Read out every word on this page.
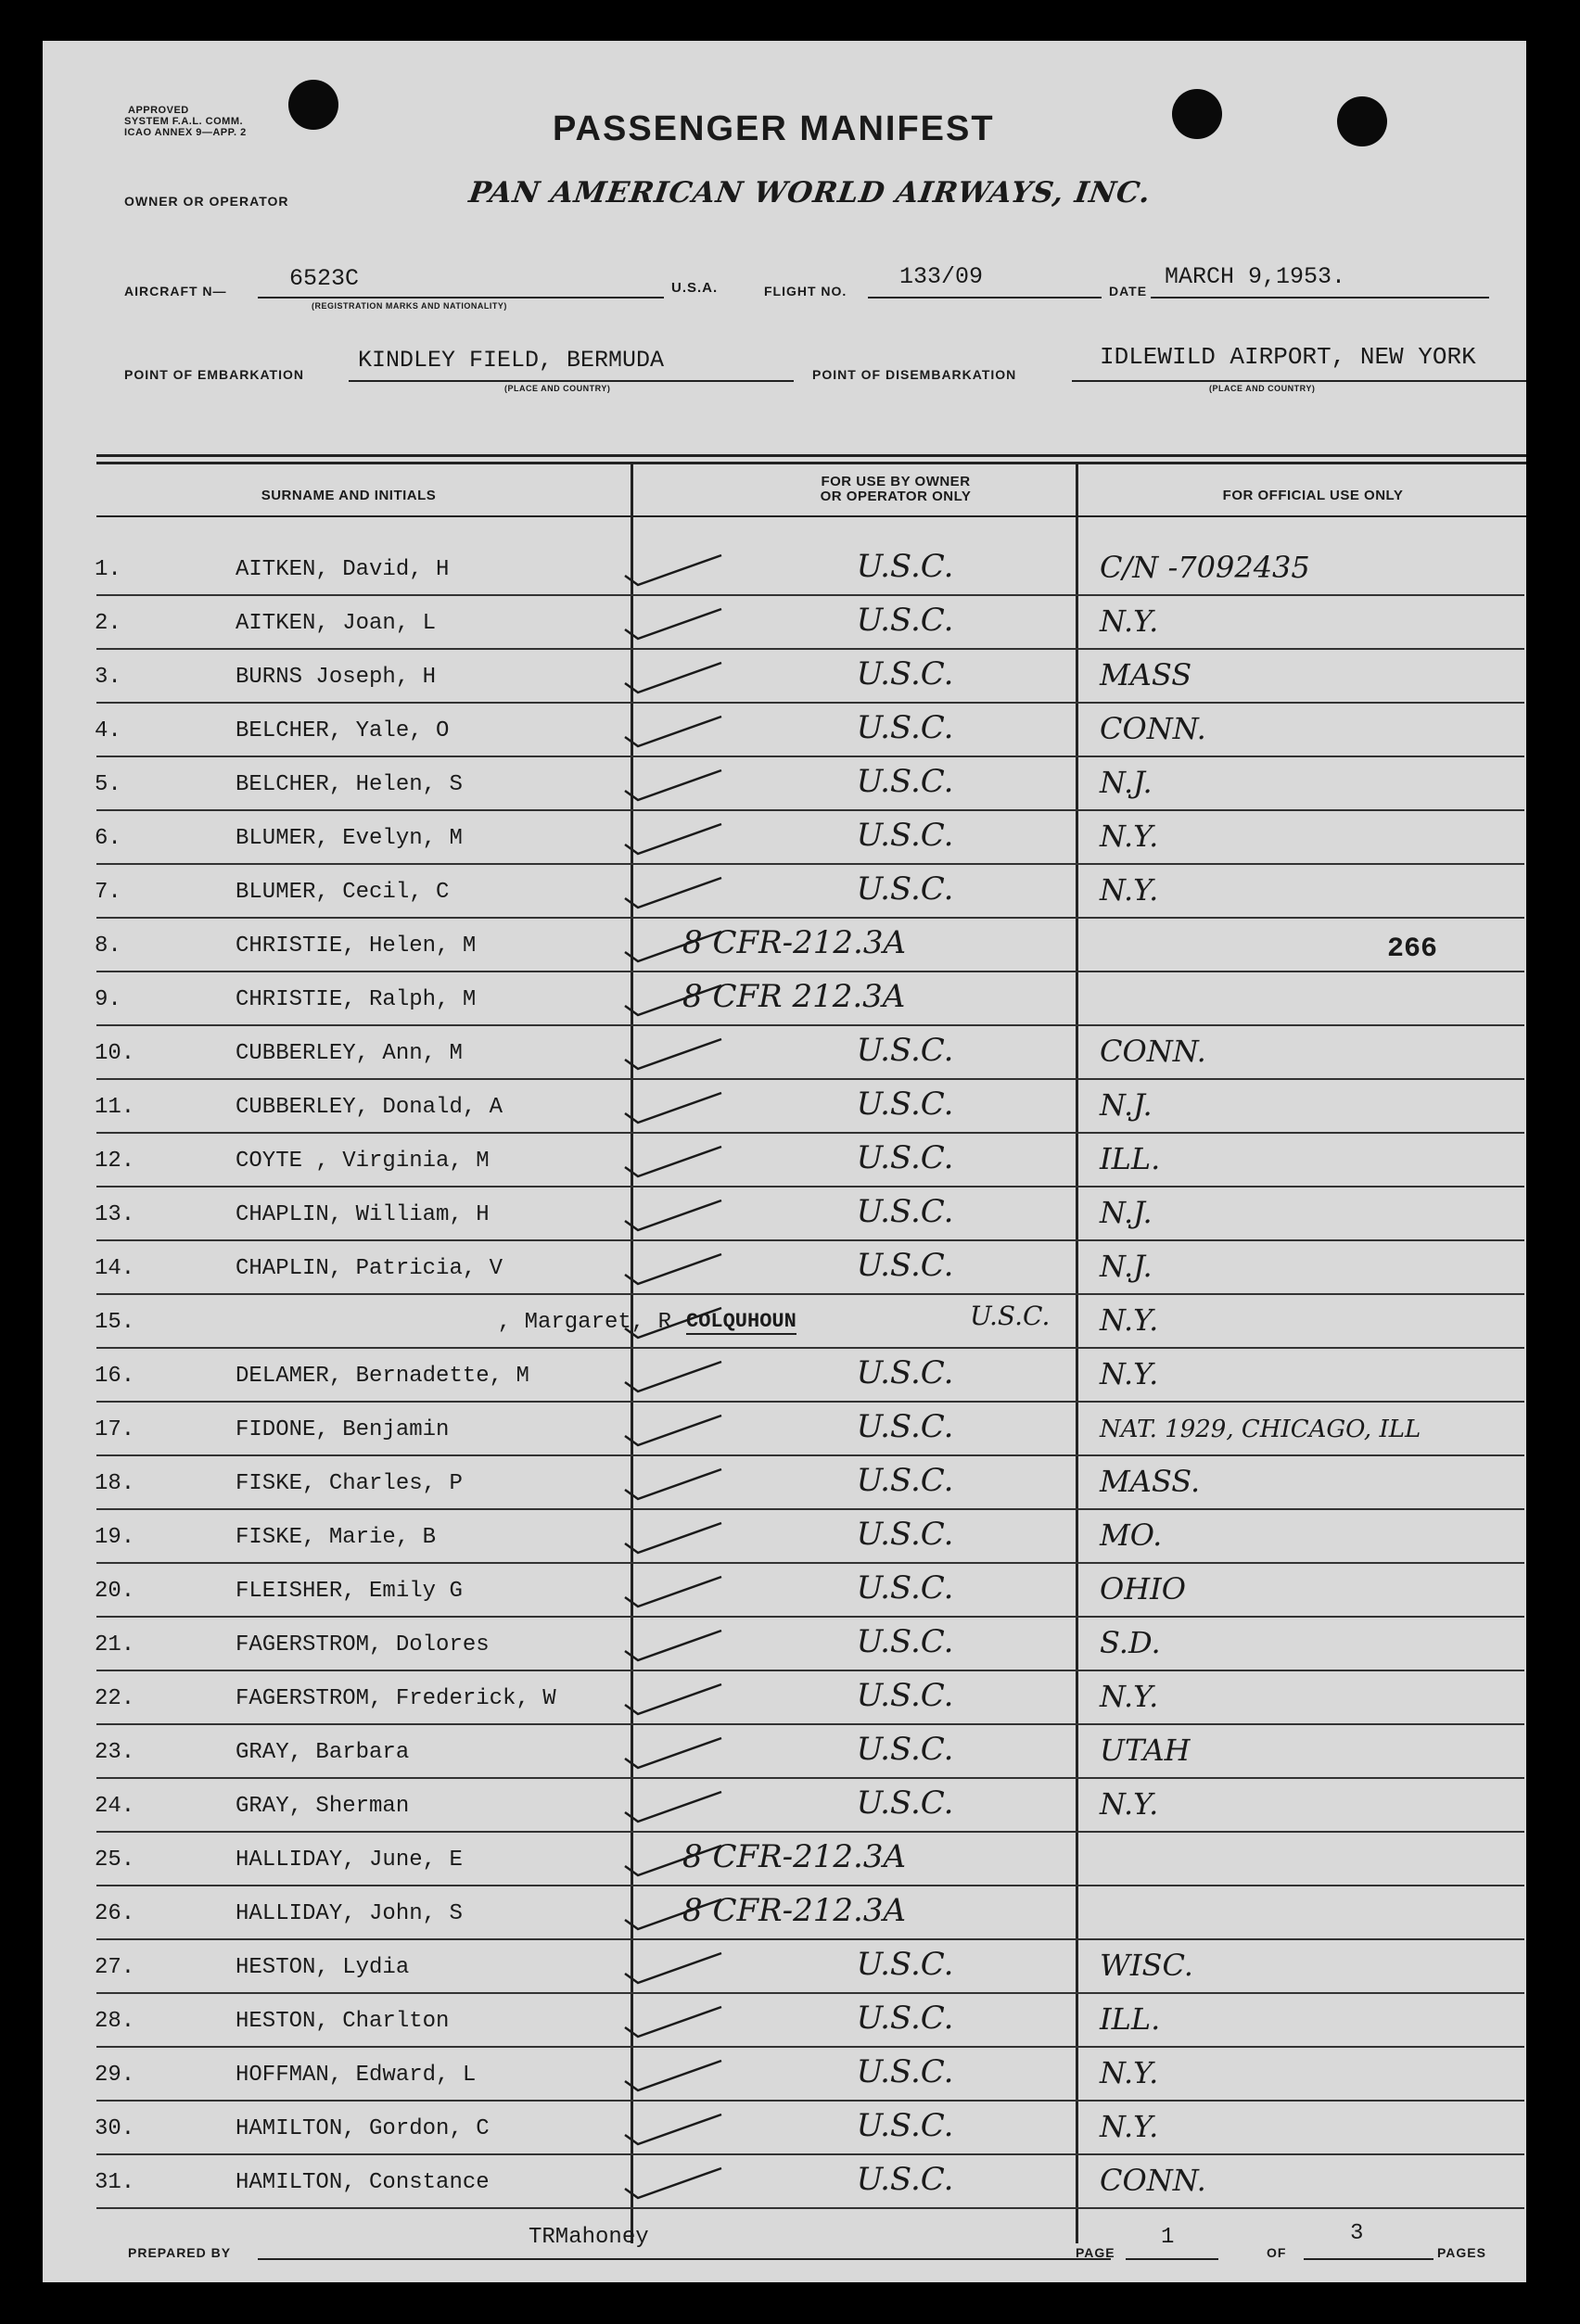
APPROVED
SYSTEM F.A.L. COMM.
ICAO ANNEX 9—APP. 2	PASSENGER MANIFEST
OWNER OR OPERATOR	PAN AMERICAN WORLD AIRWAYS, INC.
AIRCRAFT N—	6523C
(REGISTRATION MARKS AND NATIONALITY)
U.S.A.	FLIGHT NO.
133/09
DATE
MARCH 9,1953.
POINT OF EMBARKATION
KINDLEY FIELD, BERMUDA
(PLACE AND COUNTRY)
POINT OF DISEMBARKATION
IDLEWILD AIRPORT, NEW YORK
(PLACE AND COUNTRY)
SURNAME AND INITIALS
FOR USE BY OWNER
OR OPERATOR ONLY	FOR OFFICIAL USE ONLY
266
1.	AITKEN, David, H	U.S.C.	C/N -7092435
2.	AITKEN, Joan, L	U.S.C.	N.Y.
3.	BURNS Joseph, H	U.S.C.	MASS
4.	BELCHER, Yale, O	U.S.C.	CONN.
5.	BELCHER, Helen, S	U.S.C.	N.J.
6.	BLUMER, Evelyn, M	U.S.C.	N.Y.
7.	BLUMER, Cecil, C	U.S.C.	N.Y.
8.	CHRISTIE, Helen, M	8 CFR-212.3A
9.	CHRISTIE, Ralph, M	8 CFR 212.3A
10.	CUBBERLEY, Ann, M	U.S.C.	CONN.
11.	CUBBERLEY, Donald, A	U.S.C.	N.J.
12.	COYTE , Virginia, M	U.S.C.	ILL.
13.	CHAPLIN, William, H	U.S.C.	N.J.
14.	CHAPLIN, Patricia, V	U.S.C.	N.J.
15.	, Margaret, R COLQUHOUN	U.S.C.	N.Y.
16.	DELAMER, Bernadette, M	U.S.C.	N.Y.
17.	FIDONE, Benjamin	U.S.C.	NAT. 1929, CHICAGO, ILL
18.	FISKE, Charles, P	U.S.C.	MASS.
19.	FISKE, Marie, B	U.S.C.	MO.
20.	FLEISHER, Emily G	U.S.C.	OHIO
21.	FAGERSTROM, Dolores	U.S.C.	S.D.
22.	FAGERSTROM, Frederick, W	U.S.C.	N.Y.
23.	GRAY, Barbara	U.S.C.	UTAH
24.	GRAY, Sherman	U.S.C.	N.Y.
25.	HALLIDAY, June, E	8 CFR-212.3A
26.	HALLIDAY, John, S	8 CFR-212.3A
27.	HESTON, Lydia	U.S.C.	WISC.
28.	HESTON, Charlton	U.S.C.	ILL.
29.	HOFFMAN, Edward, L	U.S.C.	N.Y.
30.	HAMILTON, Gordon, C	U.S.C.	N.Y.
31.	HAMILTON, Constance	U.S.C.	CONN.
PREPARED BY
TRMahoney
PAGE
1
OF
3
PAGES
